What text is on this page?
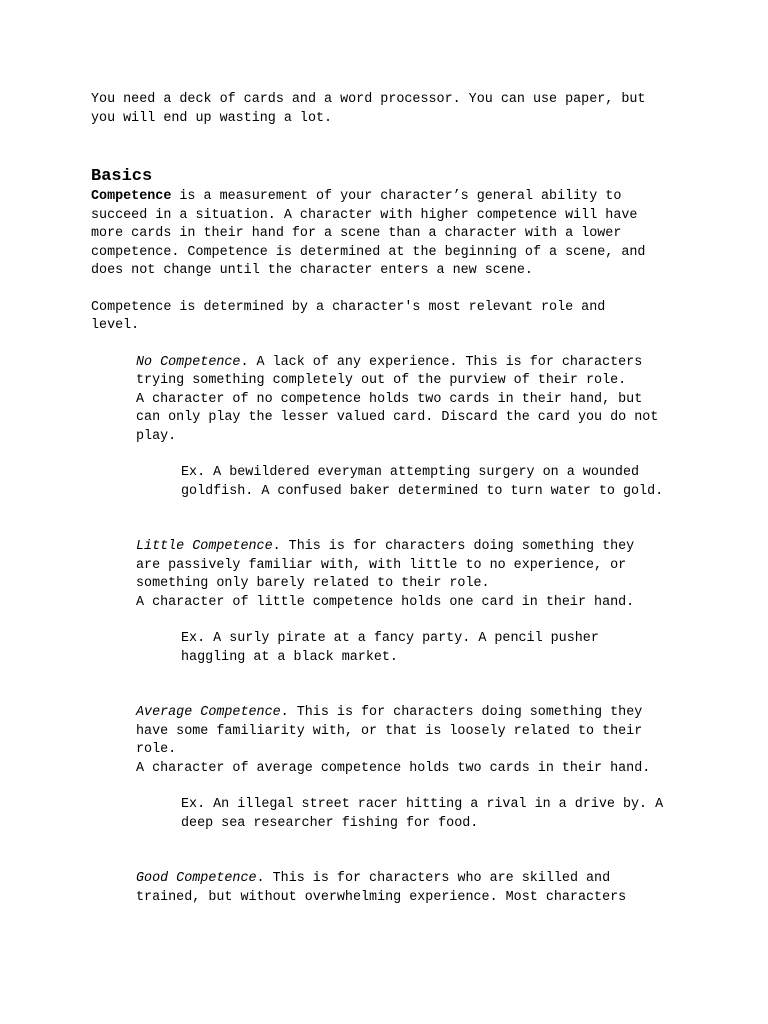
You need a deck of cards and a word processor. You can use paper, but
you will end up wasting a lot.

Basics

Competence is a measurement of your character’s general ability to
succeed in a situation. A character with higher competence will have
more cards in their hand for a scene than a character with a lower
competence. Competence is determined at the beginning of a scene, and
does not change until the character enters a new scene.

Competence is determined by a character's most relevant role and
level.

No Competence. A lack of any experience. This is for characters
trying something completely out of the purview of their role.
A character of no competence holds two cards in their hand, but
can only play the lesser valued card. Discard the card you do not
play.
Ex. A bewildered everyman attempting surgery on a wounded
goldfish. A confused baker determined to turn water to gold.
Little Competence. This is for characters doing something they
are passively familiar with, with little to no experience, or
something only barely related to their role.
A character of little competence holds one card in their hand.
Ex. A surly pirate at a fancy party. A pencil pusher
haggling at a black market.
Average Competence. This is for characters doing something they
have some familiarity with, or that is loosely related to their
role.
A character of average competence holds two cards in their hand.
Ex. An illegal street racer hitting a rival in a drive by. A
deep sea researcher fishing for food.
Good Competence. This is for characters who are skilled and
trained, but without overwhelming experience. Most characters
